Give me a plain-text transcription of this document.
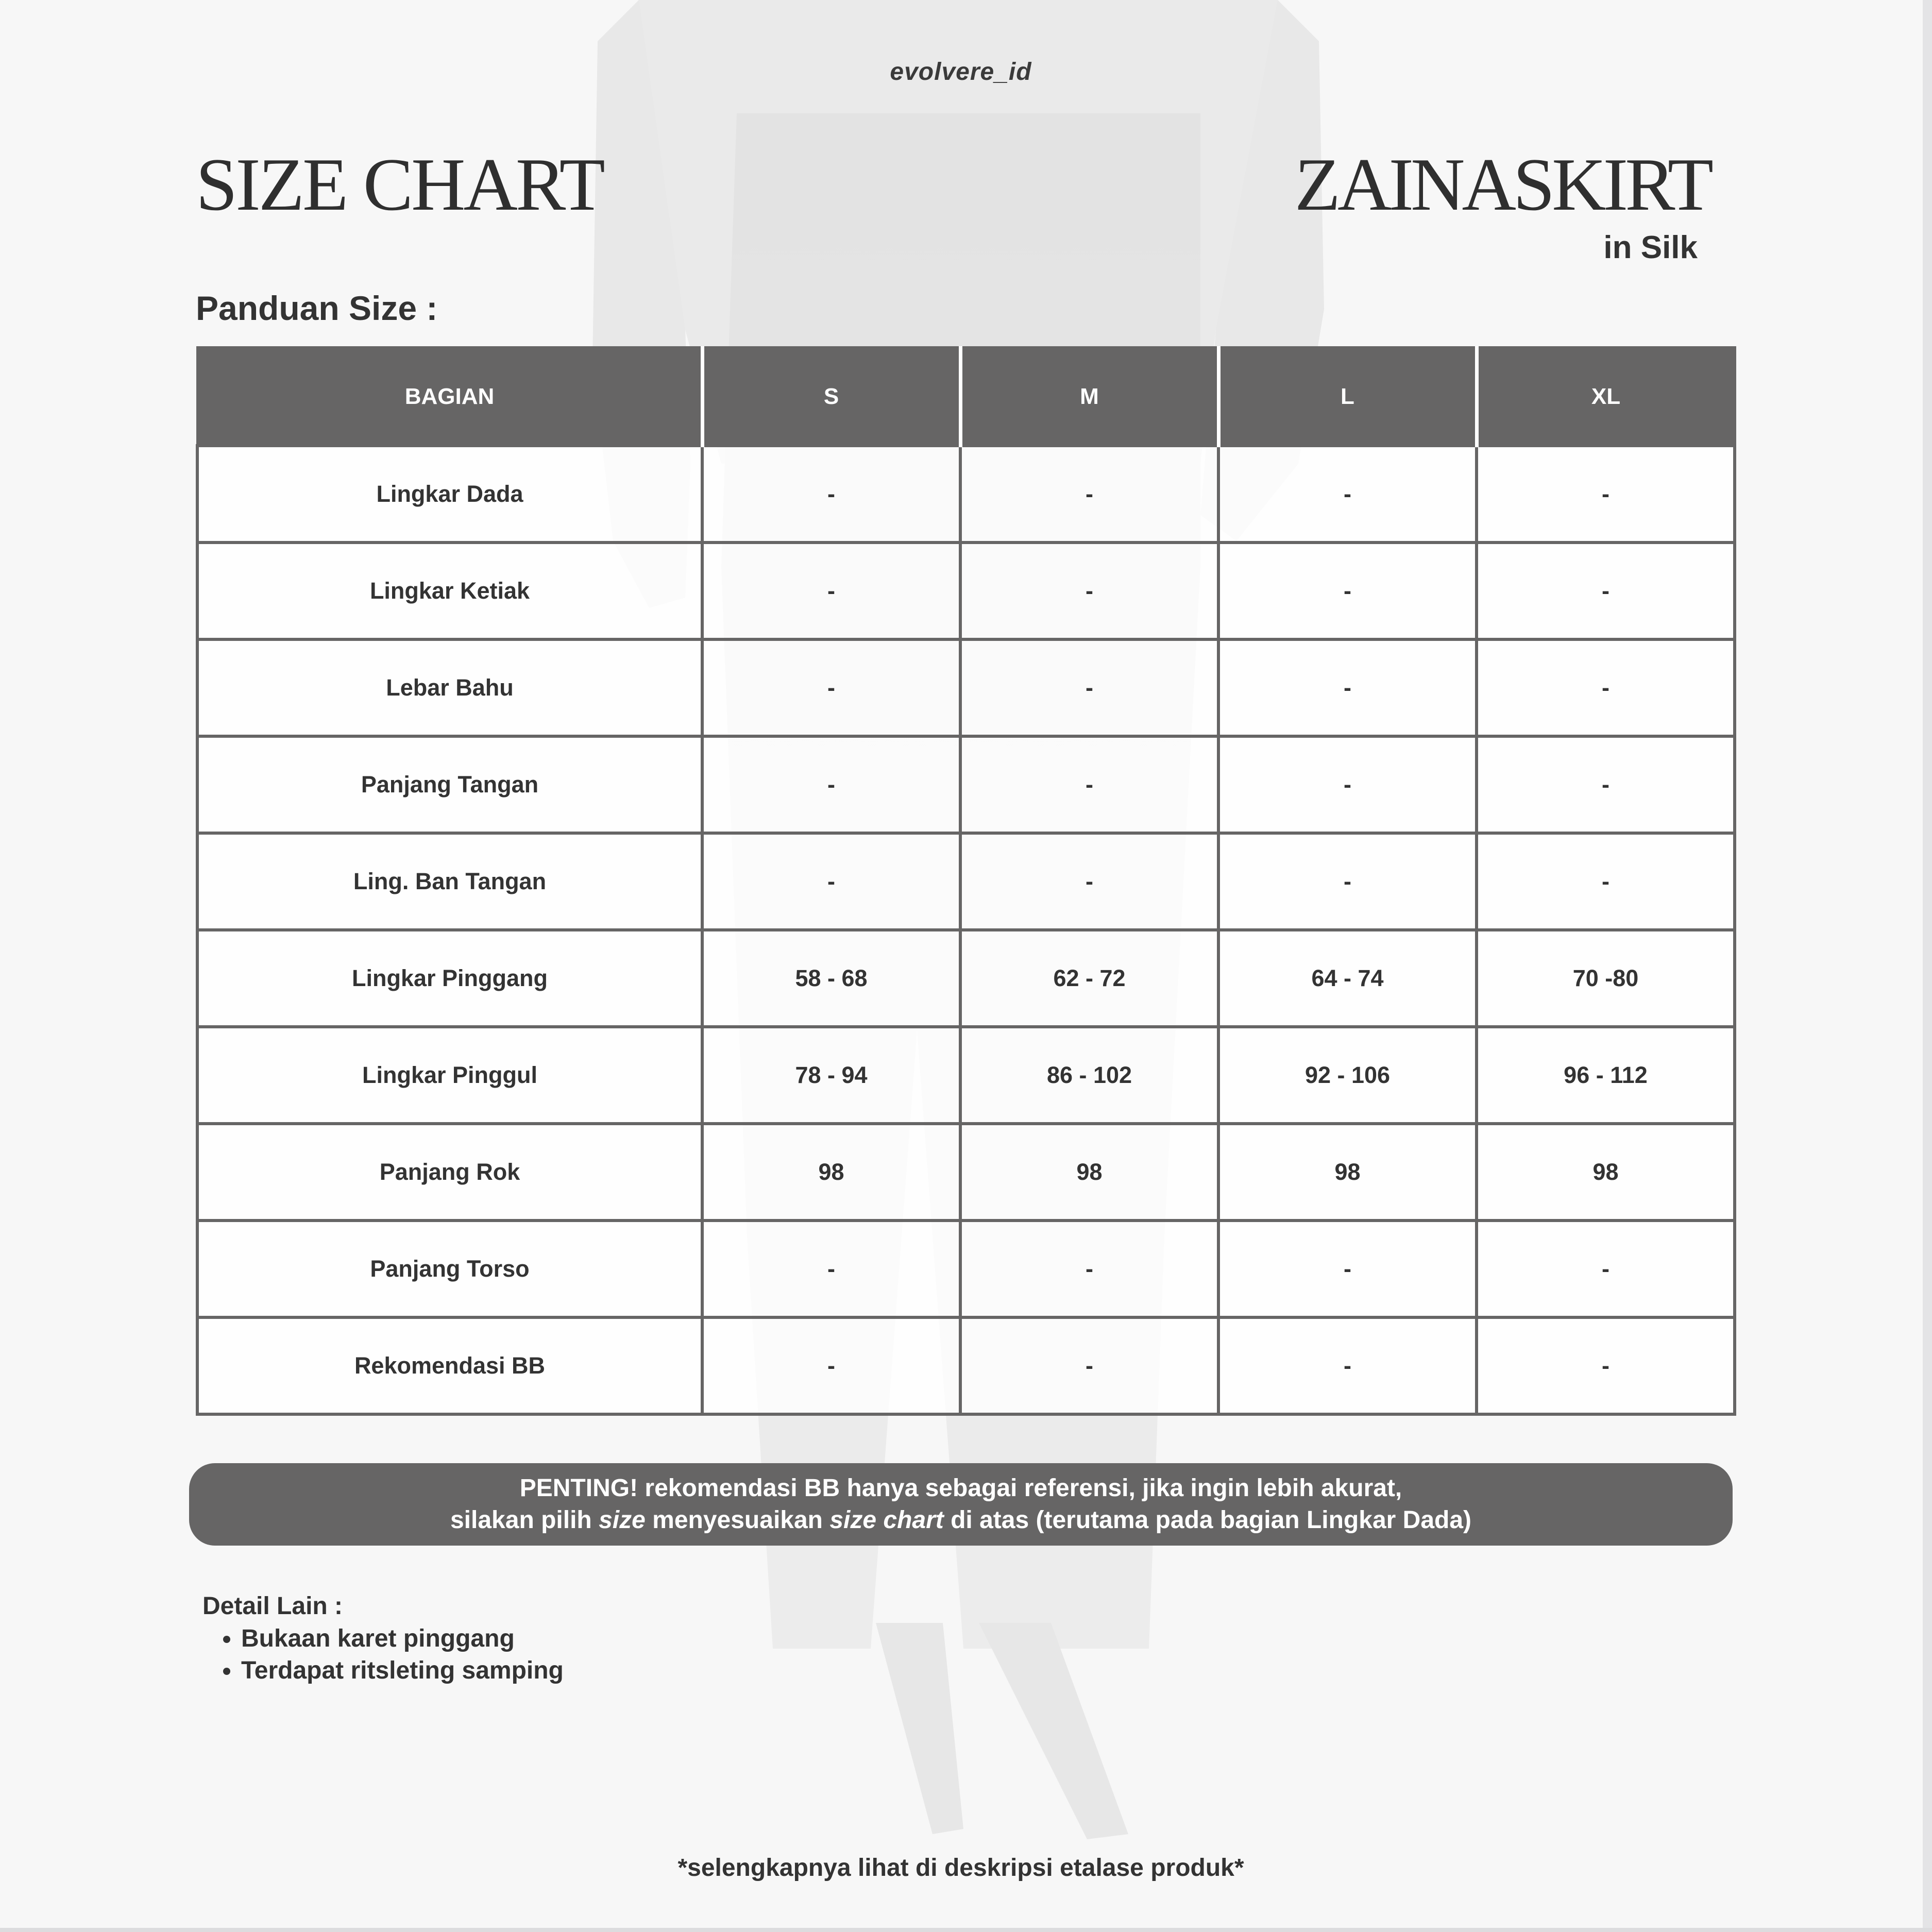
evolvere_id
SIZE CHART	ZAINASKIRT
in Silk
Panduan Size :
BAGIAN	S	M	L	XL
Lingkar Dada	-	-	-	-
Lingkar Ketiak	-	-	-	-
Lebar Bahu	-	-	-	-
Panjang Tangan	-	-	-	-
Ling. Ban Tangan	-	-	-	-
Lingkar Pinggang	58 - 68	62 - 72	64 - 74	70 -80
Lingkar Pinggul	78 - 94	86 - 102	92 - 106	96 - 112
Panjang Rok	98	98	98	98
Panjang Torso	-	-	-	-
Rekomendasi BB	-	-	-	-
PENTING! rekomendasi BB hanya sebagai referensi, jika ingin lebih akurat,
silakan pilih size menyesuaikan size chart di atas (terutama pada bagian Lingkar Dada)
Detail Lain :
• Bukaan karet pinggang
• Terdapat ritsleting samping
*selengkapnya lihat di deskripsi etalase produk*
